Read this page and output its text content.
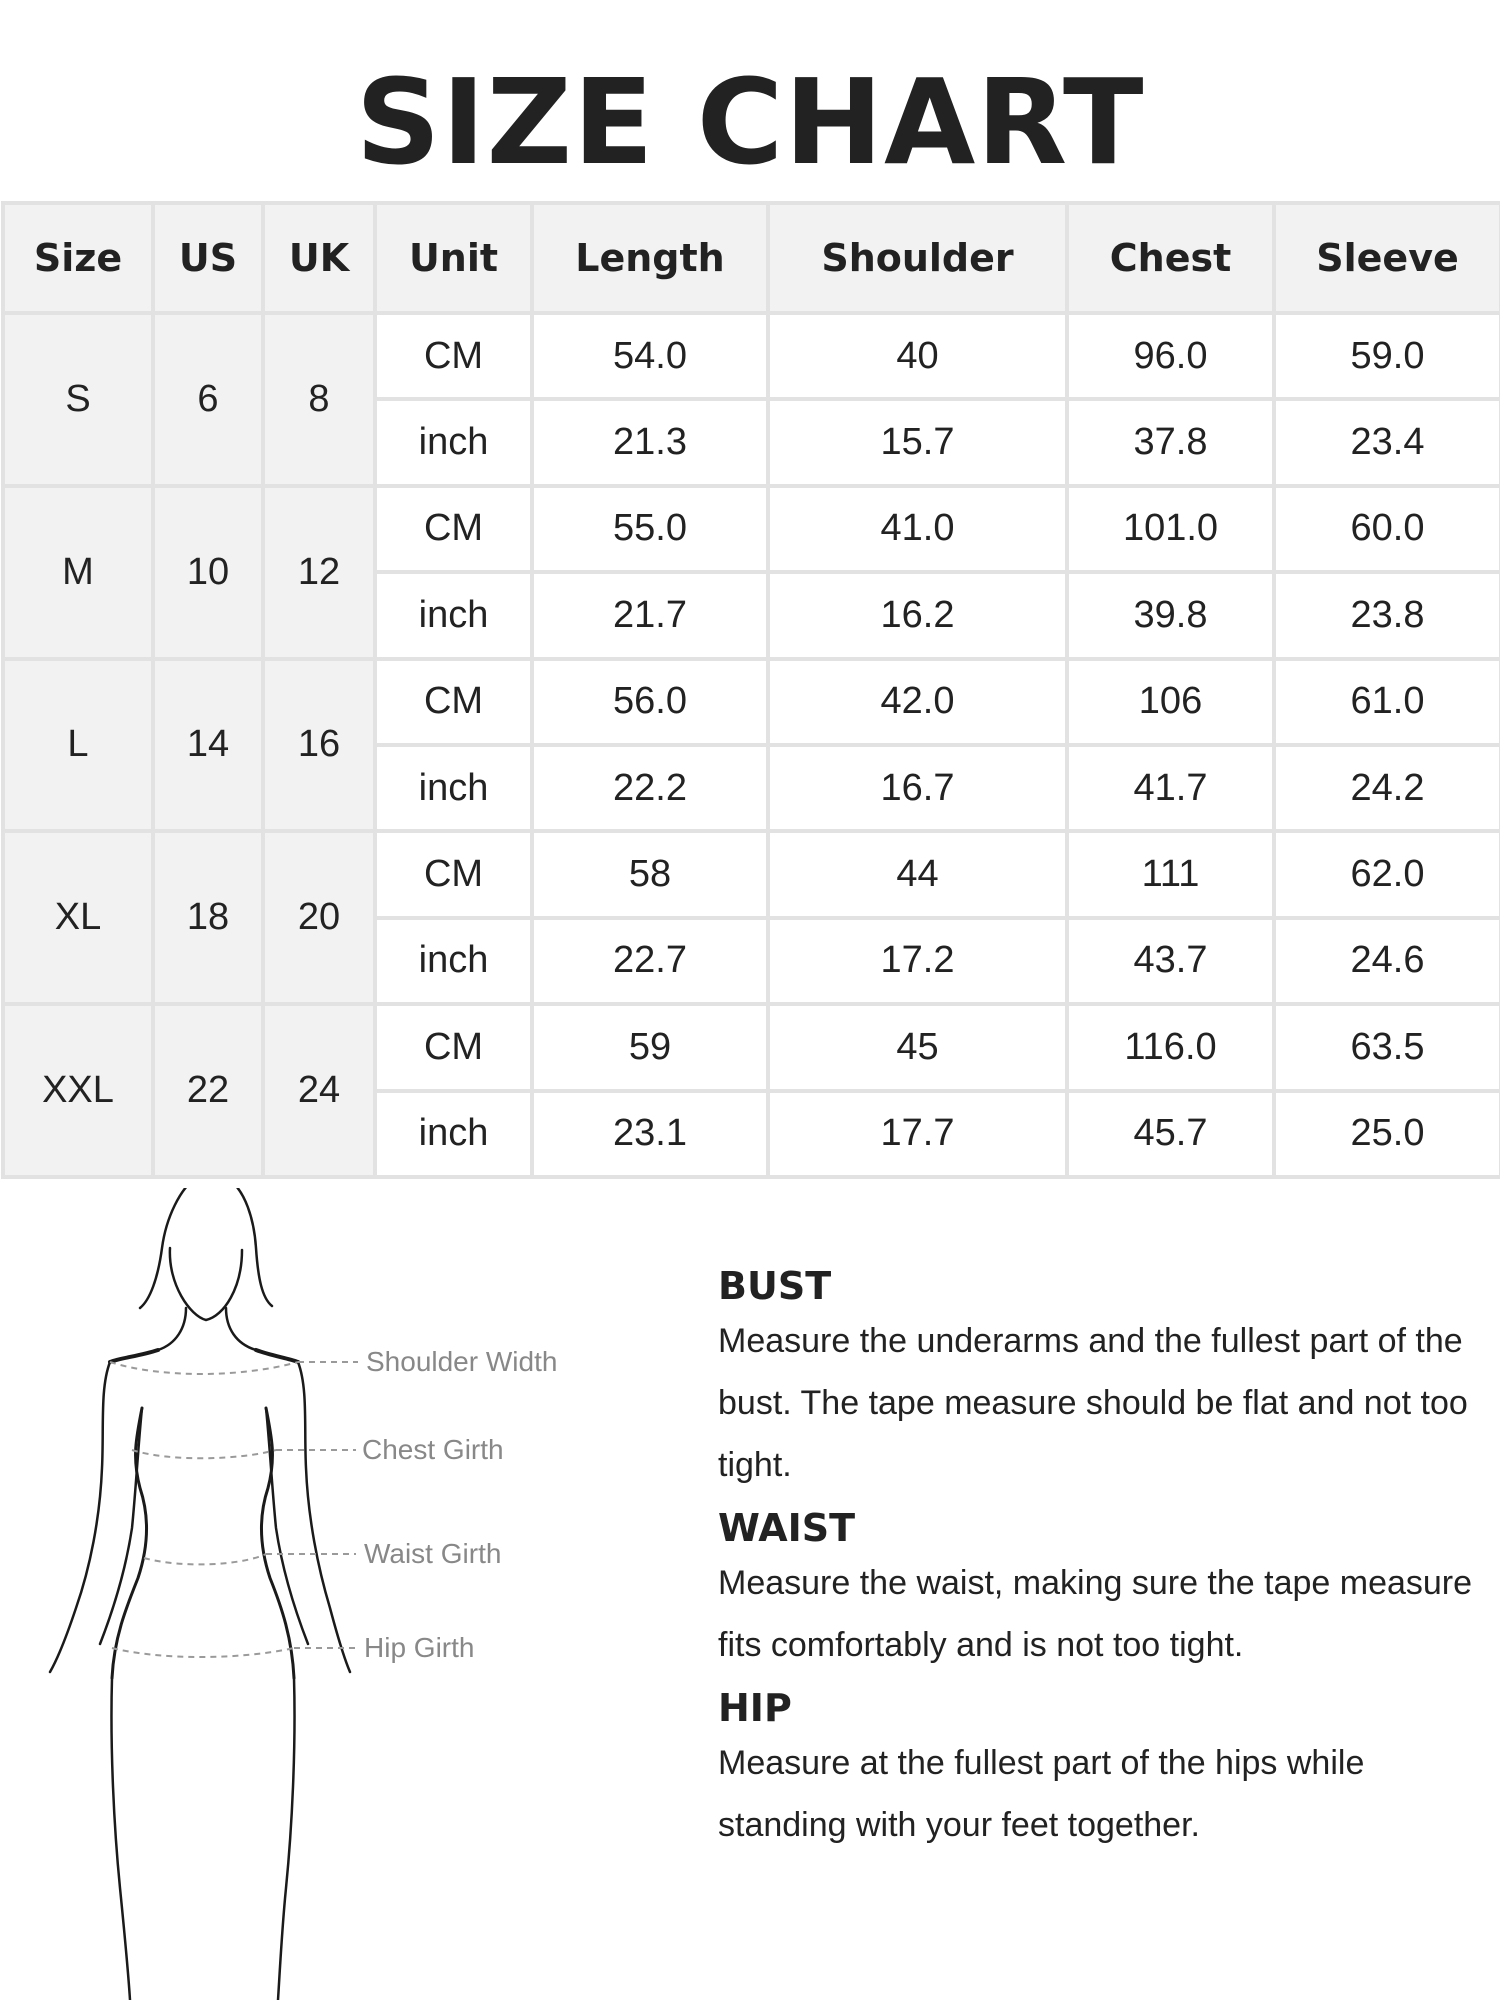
SIZE CHART
Size	US	UK	Unit	Length	Shoulder	Chest	Sleeve
S	6	8	CM	54.0	40	96.0	59.0
			inch	21.3	15.7	37.8	23.4
M	10	12	CM	55.0	41.0	101.0	60.0
			inch	21.7	16.2	39.8	23.8
L	14	16	CM	56.0	42.0	106	61.0
			inch	22.2	16.7	41.7	24.2
XL	18	20	CM	58	44	111	62.0
			inch	22.7	17.2	43.7	24.6
XXL	22	24	CM	59	45	116.0	63.5
			inch	23.1	17.7	45.7	25.0
Shoulder Width
Chest Girth
Waist Girth
Hip Girth
BUST

Measure the underarms and the fullest part of the bust. The tape measure should be flat and not too tight.

WAIST

Measure the waist, making sure the tape measure fits comfortably and is not too tight.

HIP

Measure at the fullest part of the hips while standing with your feet together.
